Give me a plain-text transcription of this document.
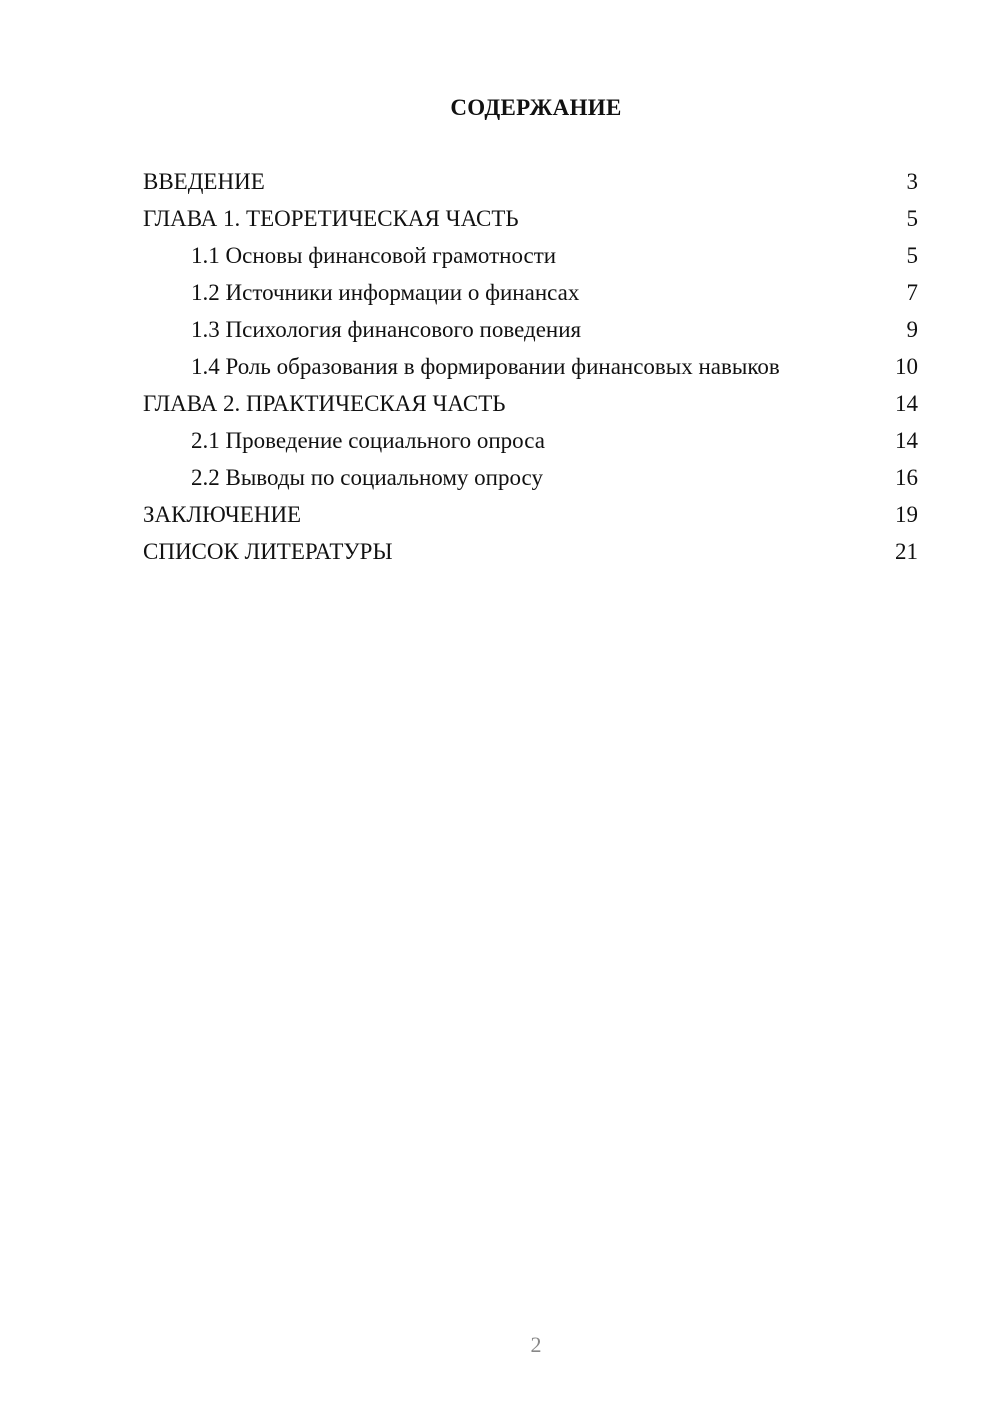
СОДЕРЖАНИЕ
ВВЕДЕНИЕ	3
ГЛАВА 1. ТЕОРЕТИЧЕСКАЯ ЧАСТЬ	5
1.1 Основы финансовой грамотности	5
1.2 Источники информации о финансах	7
1.3 Психология финансового поведения	9
1.4 Роль образования в формировании финансовых навыков	10
ГЛАВА 2. ПРАКТИЧЕСКАЯ ЧАСТЬ	14
2.1 Проведение социального опроса	14
2.2 Выводы по социальному опросу	16
ЗАКЛЮЧЕНИЕ	19
СПИСОК ЛИТЕРАТУРЫ	21
2
